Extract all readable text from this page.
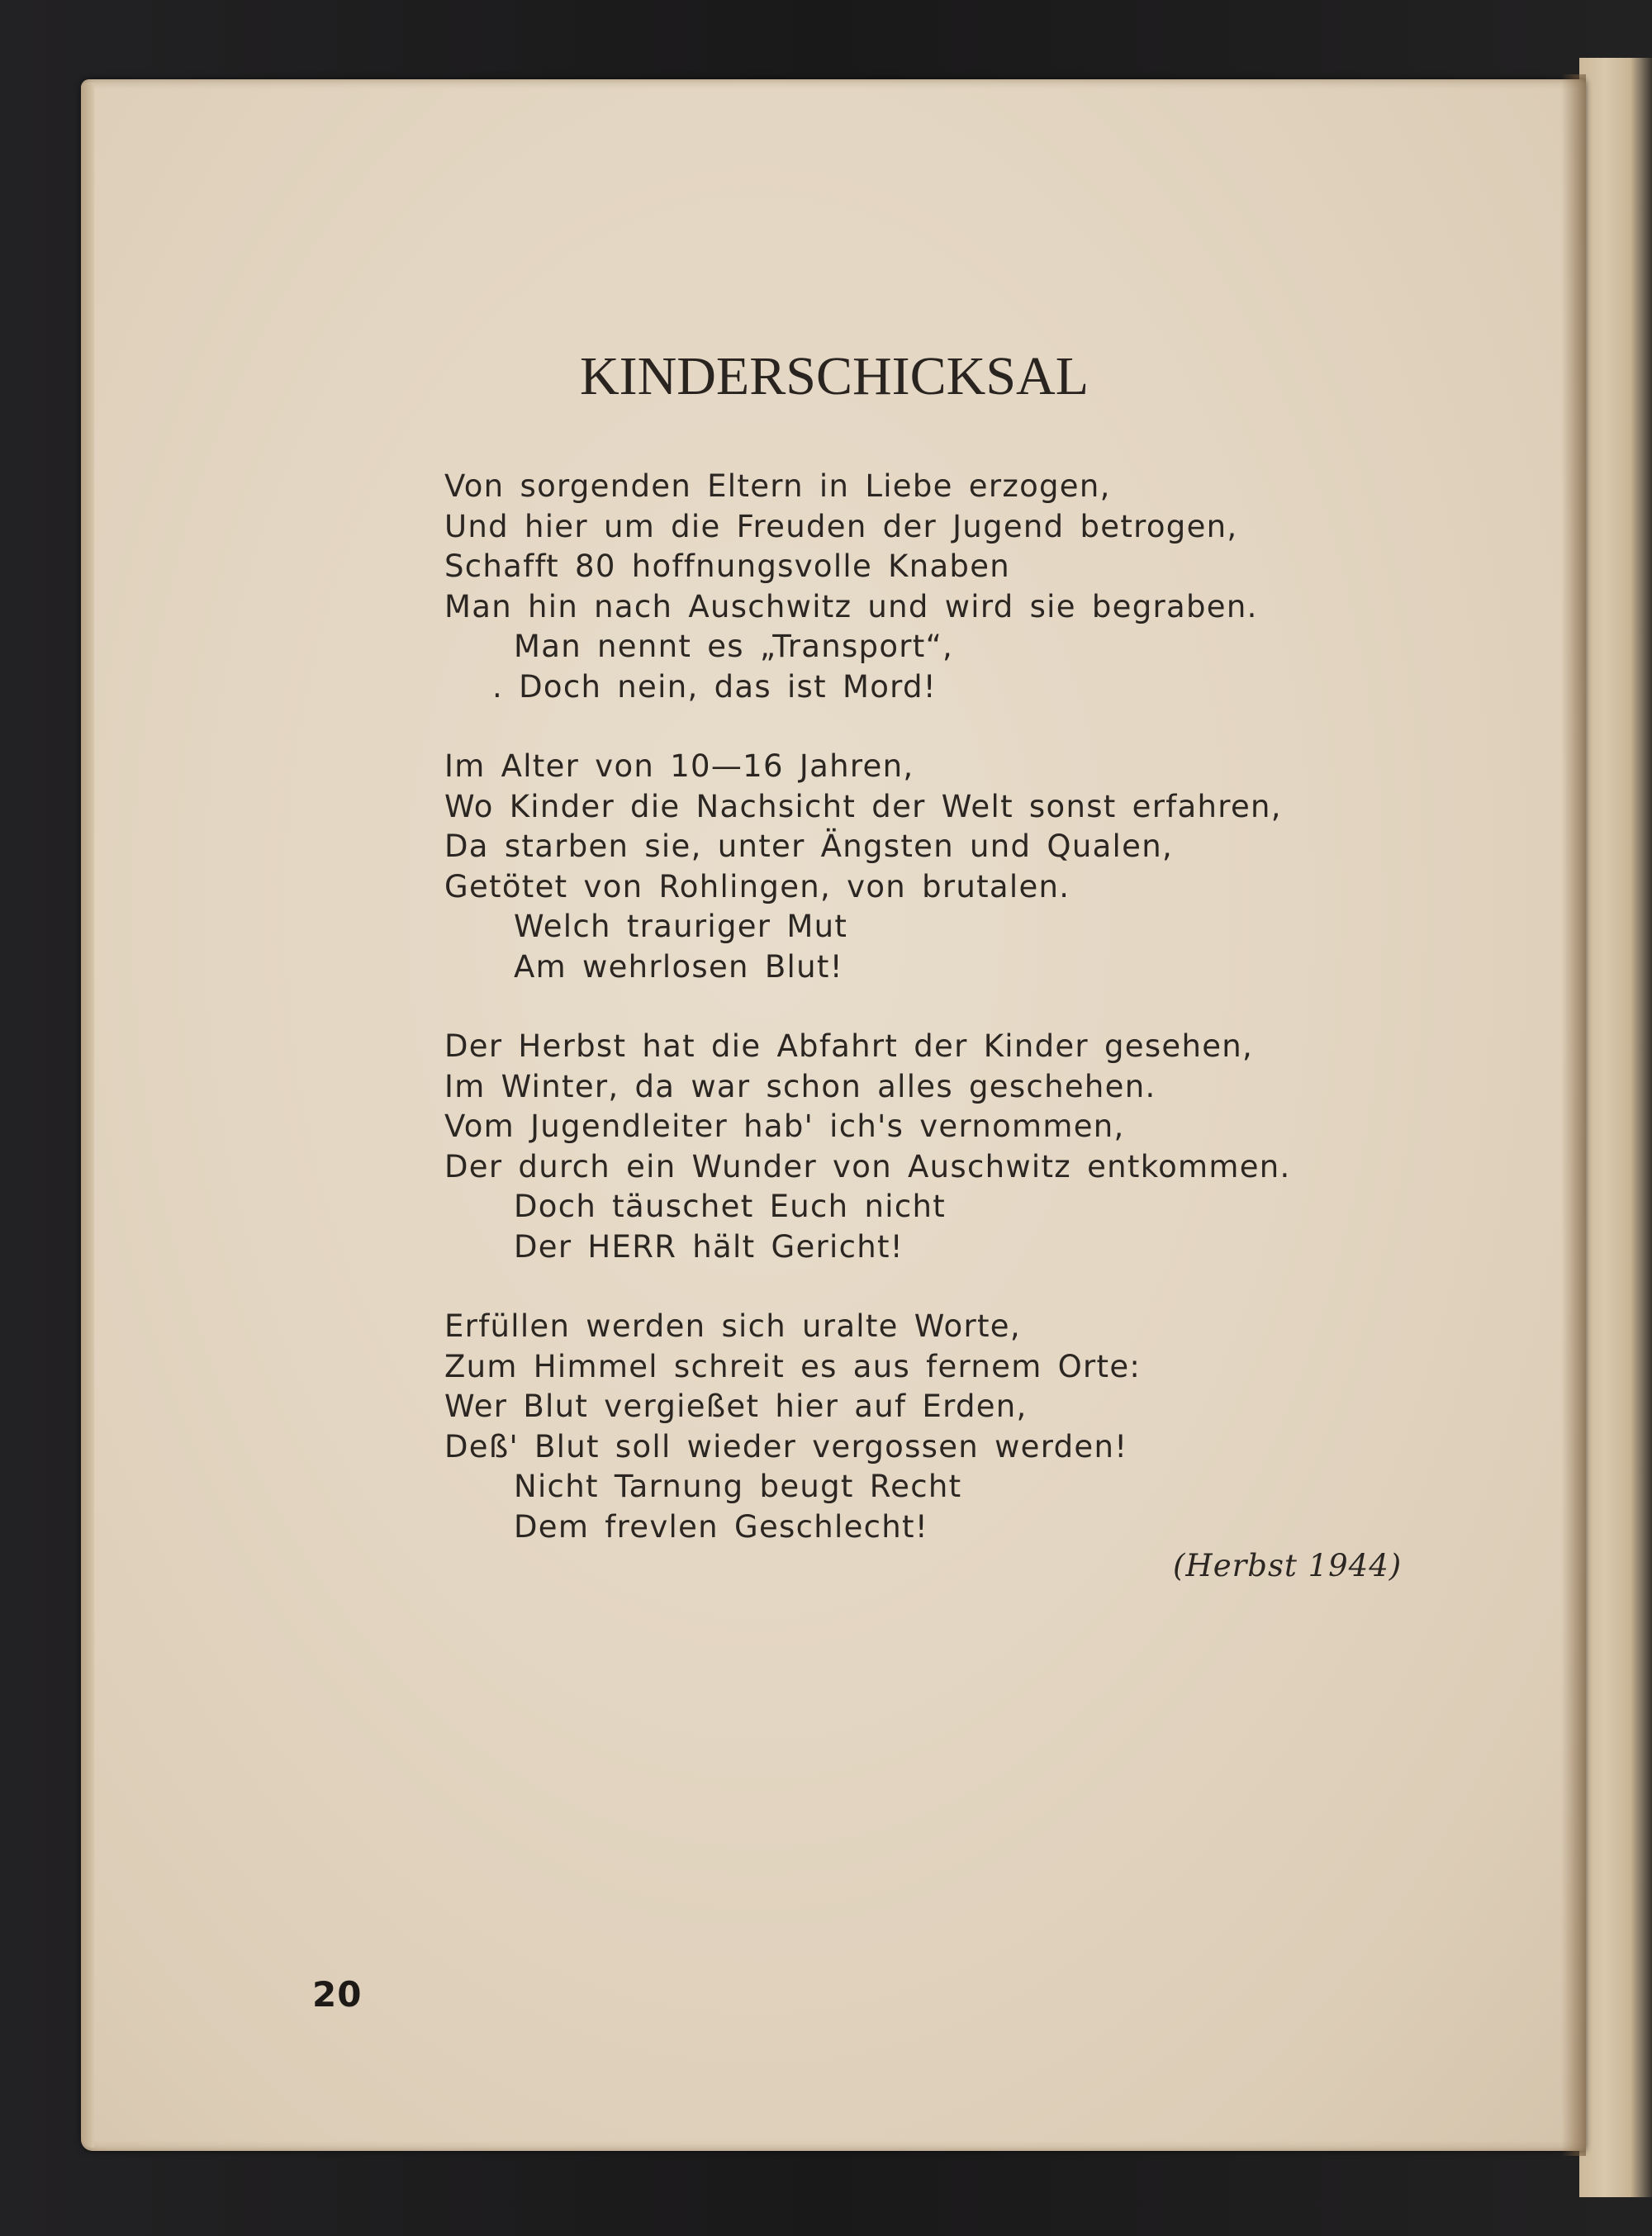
KINDERSCHICKSAL
Von sorgenden Eltern in Liebe erzogen,
Und hier um die Freuden der Jugend betrogen,
Schafft 80 hoffnungsvolle Knaben
Man hin nach Auschwitz und wird sie begraben.
Man nennt es „Transport“,
. Doch nein, das ist Mord!
Im Alter von 10—16 Jahren,
Wo Kinder die Nachsicht der Welt sonst erfahren,
Da starben sie, unter Ängsten und Qualen,
Getötet von Rohlingen, von brutalen.
Welch trauriger Mut
Am wehrlosen Blut!
Der Herbst hat die Abfahrt der Kinder gesehen,
Im Winter, da war schon alles geschehen.
Vom Jugendleiter hab' ich's vernommen,
Der durch ein Wunder von Auschwitz entkommen.
Doch täuschet Euch nicht
Der HERR hält Gericht!
Erfüllen werden sich uralte Worte,
Zum Himmel schreit es aus fernem Orte:
Wer Blut vergießet hier auf Erden,
Deß' Blut soll wieder vergossen werden!
Nicht Tarnung beugt Recht
Dem frevlen Geschlecht!
(Herbst 1944)
20
